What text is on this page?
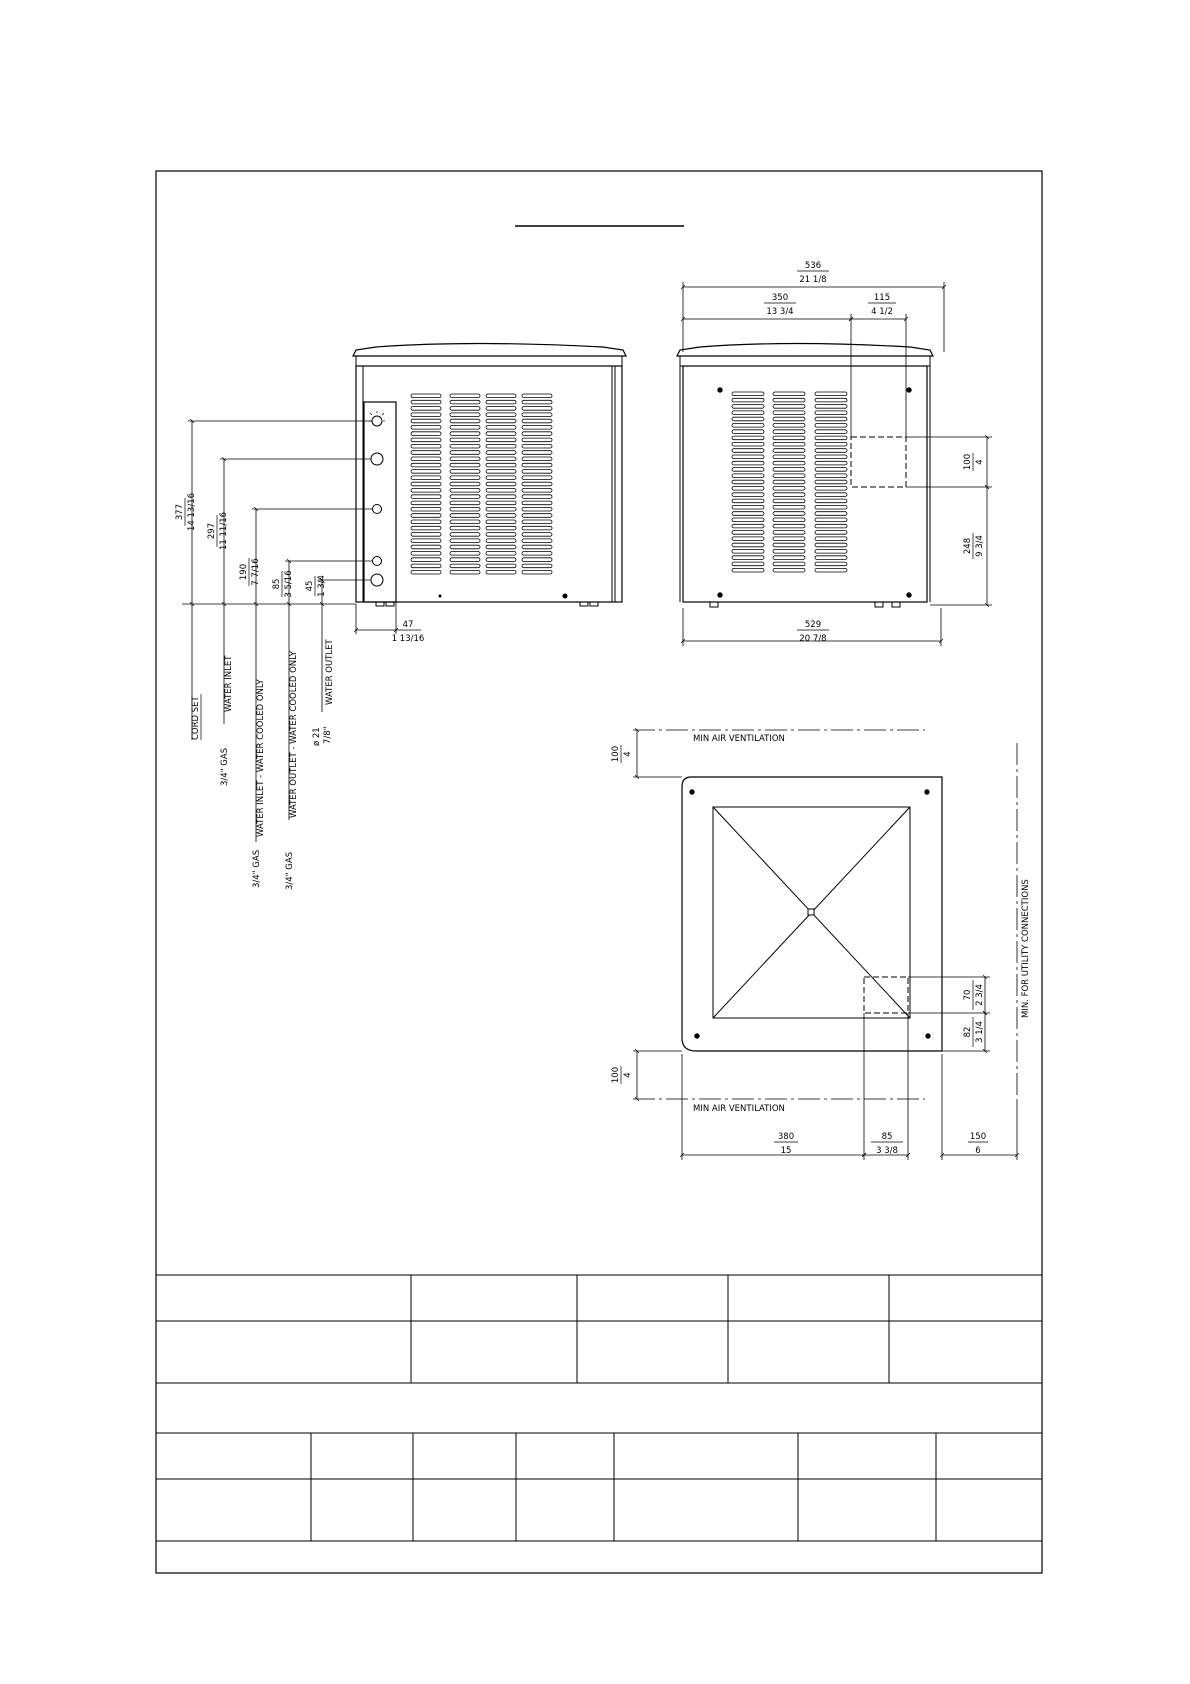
377 14 13/16 297 11 11/16
190 7 7/16 85 3 5/16 45 1 3/4
47
1 13/16
CORD SET
3/4" GAS
WATER INLET
3/4" GAS
WATER INLET - WATER COOLED ONLY
3/4" GAS
WATER OUTLET - WATER COOLED ONLY ø 21 7/8"
WATER OUTLET
536
21 1/8
350
13 3/4
115
4 1/2
100 4
248 9 3/4
529
20 7/8
MIN AIR VENTILATION
MIN AIR VENTILATION
MIN. FOR UTILITY CONNECTIONS
100 4
100 4
70 2 3/4
82 3 1/4
380
15
85
3 3/8
150
6
